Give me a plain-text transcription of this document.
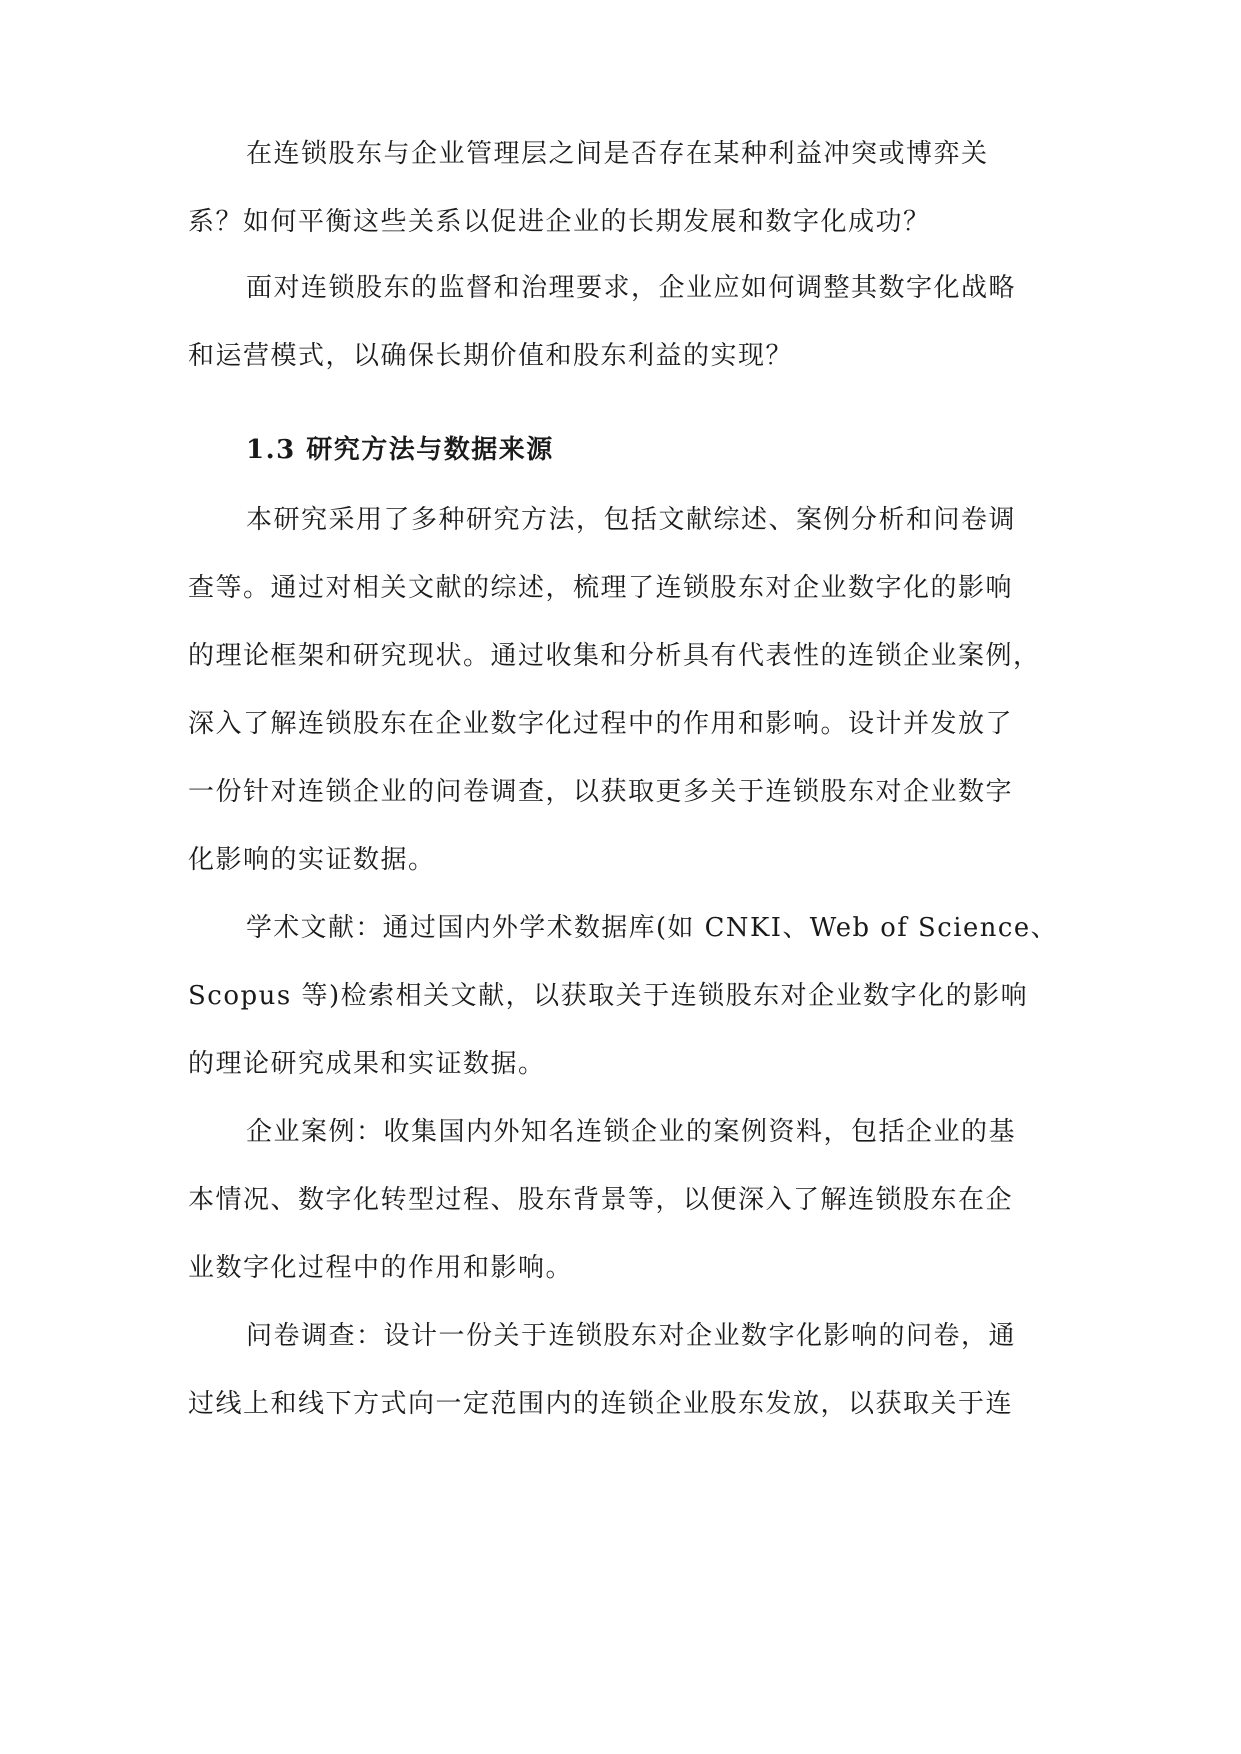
在连锁股东与企业管理层之间是否存在某种利益冲突或博弈关
系？如何平衡这些关系以促进企业的长期发展和数字化成功？
面对连锁股东的监督和治理要求，企业应如何调整其数字化战略
和运营模式，以确保长期价值和股东利益的实现？
1.3 研究方法与数据来源
本研究采用了多种研究方法，包括文献综述、案例分析和问卷调
查等。通过对相关文献的综述，梳理了连锁股东对企业数字化的影响
的理论框架和研究现状。通过收集和分析具有代表性的连锁企业案例，
深入了解连锁股东在企业数字化过程中的作用和影响。设计并发放了
一份针对连锁企业的问卷调查，以获取更多关于连锁股东对企业数字
化影响的实证数据。
学术文献：通过国内外学术数据库(如 CNKI、Web of Science、
Scopus 等)检索相关文献，以获取关于连锁股东对企业数字化的影响
的理论研究成果和实证数据。
企业案例：收集国内外知名连锁企业的案例资料，包括企业的基
本情况、数字化转型过程、股东背景等，以便深入了解连锁股东在企
业数字化过程中的作用和影响。
问卷调查：设计一份关于连锁股东对企业数字化影响的问卷，通
过线上和线下方式向一定范围内的连锁企业股东发放，以获取关于连
